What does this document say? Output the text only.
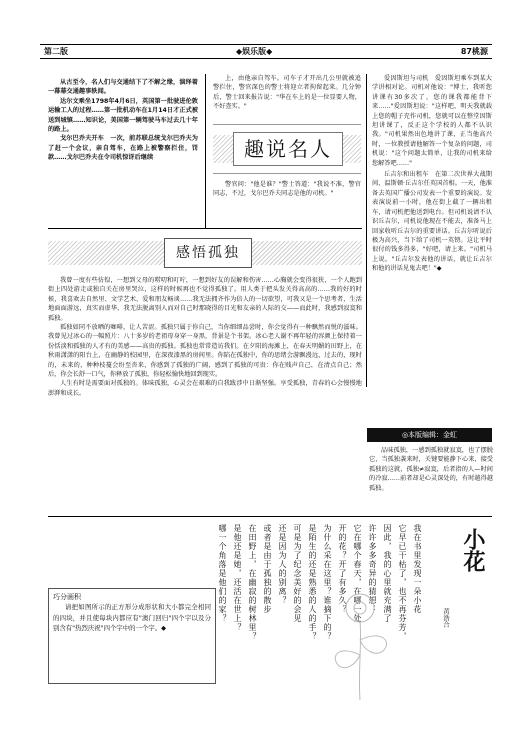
第二版	◆娱乐版◆	87桃源

从古至今，名人们与交通结下了不解之缘，演绎着一幕幕交通趣事轶闻。

达尔文乘坐1798年4月6日，英国第一批驶进伦敦运输工人的过程……第一批机动车在1月14日才正式被送到城镇……知识论，美国第一辆驾驶马车过去几十年的路上。

戈尔巴乔夫开车　一次，前苏联总统戈尔巴乔夫为了赶一个会议，亲自驾车，在路上被警察拦住，罚款……戈尔巴乔夫在令司机惊讶后继续

上，由他亲自驾车。司车子才开出几公里就被追警拦住，警官深色的警士将迎立者拘留起来。几分钟后，警士回来报告说："华在车上的是一位显要人物，不好查实。"

趣说名人

警官问："他是谁？"警士答道："我说不准，警官同志，不过，戈尔巴乔夫同志是他的司机。"

爱因斯坦与司机　爱因斯坦乘车到某大学讲相对论。司机对他说："博士，我听您讲课有30多次了，您的课我都能背下来……"爱因斯坦说："这样吧，明天我就载上您的帽子充作司机，您就可以在整堂因斯坦讲课了，反正这个学校的人都不认识我。"司机果然出色地讲了课，正当他高兴时，一位教授请他解答一个复杂的问题，司机说："这个问题太简单，让我的司机来给您解答吧……"

丘吉尔和出租车　在第二次世界大战期间，温斯顿·丘吉尔任英国首相。一天，他准备去英国广播公司发表一个重要的演说。发表演说前一小时，他在街上截了一辆出租车，请司机把他送到电台。但司机说请不认识丘吉尔，司机说他现在不能去，准备马上回家收听丘吉尔的重要讲话。丘吉尔听说后极为高兴，当下给了司机一英镑。这让平时很付的钱多得多，"好吧，请上来。"司机马上说，"丘吉尔发表他的讲话，就让丘吉尔和他的讲话见鬼去吧！"◆

感悟孤独

我曾一度有些彷徨，一想到父母的唠叨和叮咛，一想到好友的误解和伤害……心胸就会变得很狭，一个人跑到街上四处游走或独自关在房里哭泣，这样的时候再也不觉得孤独了。用人类于把头发关得高高的……我的好的时候，我喜欢去自然里、文学艺术、爱和朋友畅谈……我无法拥齐作为倍人的一切欲望，可我又是一个思考者，生活地面面游远，真实而虚华，我无法脱离别人而对自己时那晓得的目光和友亲的人际的交——而此时，我感到寂寞和孤独。

孤独如同不放晒的咖啡，让人苦涩。孤独只属于你自己，当你细细品尝时，你会觉得有一种飘然而悦的滋味。我曾见过冰心的一幅照片：八十多岁的老祖母身穿一身黑，背景是个书架。冰心老人谢不再年轻的容颜上保持着一份恬淡和孤独的人才有的美感——高贵的孤独。孤独也常常造访我们。在夕阳的海滩上，在春天明媚的田野上，在秋雨潇潇的阳台上，在幽静的校园里，在深夜漆黑的房间里。你陷在孤独中，你的思绪会游飘漫远，过去的，现时的，未来的，种种枝蔓会纷至沓来，你感到了孤独的广阔，感到了孤独的可贵：你在贱声自己，在清点自己；然后，你会长舒一口气，你释放了孤独，你轻松愉快地回到现实。

人生有时是需要面对孤独的。体味孤独，心灵会在艰难的自我跋涉中日渐坚强。享受孤独，青春的心会慢慢地澎湃和成长。

◎本版编辑：金虹

品味孤独，一感到孤独就寂寞，也了摆脱它，当孤独袭来时，关键要能静下心来，接受孤独的这就，孤独≠寂寞，后者指的人—时间的冷寂……前者却是心灵深处的，有时越得越孤独。

巧分画积

请把如图所示的正方形分成形状和大小都完全相同的四块，并且使每块内都应有"澳门回归"四个字以及分别含有"热烈庆祝"四个字中的一个字。◆

我在书里发现一朵小花
它早已干枯了，也不再芬芳，
因此，我的心里就充满了
许许多多奇异的猜想：
它在哪个春天，在哪一处
开的花？开了有多久？
为什么采在这里？谁摘下的？
是陌生的还是熟悉的人的手？
可是为了纪念美好的会见
还是因为人的别离？
或者是由于孤独的散步
在田野上，在幽寂的树林里？
是他还是她，还活在世上？
哪一个角落是他们的家？	小花
黄浩合
